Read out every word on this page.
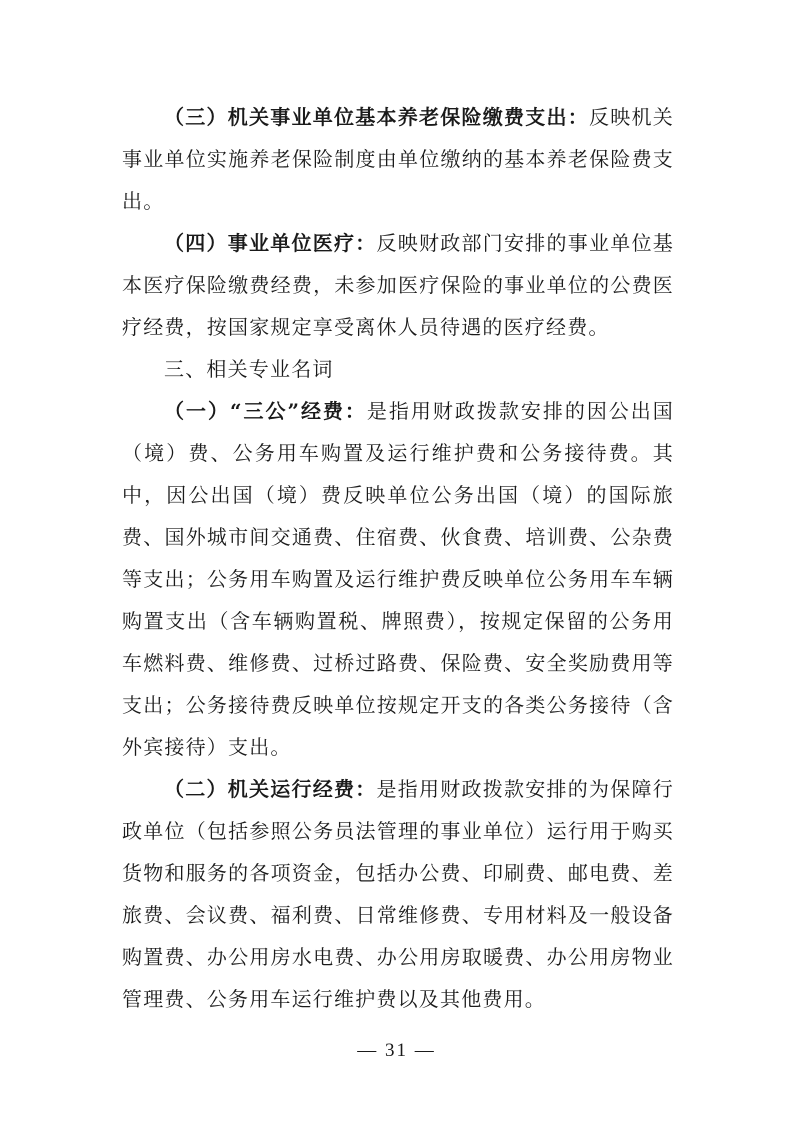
（三）机关事业单位基本养老保险缴费支出：反映机关事业单位实施养老保险制度由单位缴纳的基本养老保险费支出。

（四）事业单位医疗：反映财政部门安排的事业单位基本医疗保险缴费经费，未参加医疗保险的事业单位的公费医疗经费，按国家规定享受离休人员待遇的医疗经费。

三、相关专业名词

（一）“三公”经费：是指用财政拨款安排的因公出国（境）费、公务用车购置及运行维护费和公务接待费。其中，因公出国（境）费反映单位公务出国（境）的国际旅费、国外城市间交通费、住宿费、伙食费、培训费、公杂费等支出；公务用车购置及运行维护费反映单位公务用车车辆购置支出（含车辆购置税、牌照费），按规定保留的公务用车燃料费、维修费、过桥过路费、保险费、安全奖励费用等支出；公务接待费反映单位按规定开支的各类公务接待（含外宾接待）支出。

（二）机关运行经费：是指用财政拨款安排的为保障行政单位（包括参照公务员法管理的事业单位）运行用于购买货物和服务的各项资金，包括办公费、印刷费、邮电费、差旅费、会议费、福利费、日常维修费、专用材料及一般设备购置费、办公用房水电费、办公用房取暖费、办公用房物业管理费、公务用车运行维护费以及其他费用。

— 31 —
